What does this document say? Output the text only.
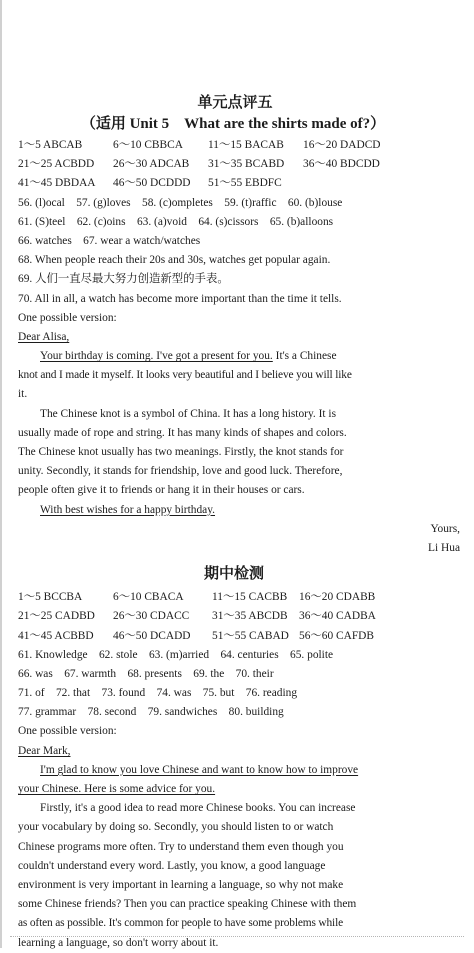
单元点评五
（适用 Unit 5　What are the shirts made of?）
1～5 ABCAB	6～10 CBBCA	11～15 BACAB	16～20 DADCD
21～25 ACBDD	26～30 ADCAB	31～35 BCABD	36～40 BDCDD
41～45 DBDAA	46～50 DCDDD	51～55 EBDFC
56. (l)ocal　57. (g)loves　58. (c)ompletes　59. (t)raffic　60. (b)louse
61. (S)teel　62. (c)oins　63. (a)void　64. (s)cissors　65. (b)alloons
66. watches　67. wear a watch/watches
68. When people reach their 20s and 30s, watches get popular again.
69. 人们一直尽最大努力创造新型的手表。
70. All in all, a watch has become more important than the time it tells.
One possible version:
Dear Alisa,
Your birthday is coming. I've got a present for you. It's a Chinese
knot and I made it myself. It looks very beautiful and I believe you will like
it.
The Chinese knot is a symbol of China. It has a long history. It is
usually made of rope and string. It has many kinds of shapes and colors.
The Chinese knot usually has two meanings. Firstly, the knot stands for
unity. Secondly, it stands for friendship, love and good luck. Therefore,
people often give it to friends or hang it in their houses or cars.
With best wishes for a happy birthday.
Yours,
Li Hua
期中检测
1～5 BCCBA	6～10 CBACA	11～15 CACBB	16～20 CDABB
21～25 CADBD	26～30 CDACC	31～35 ABCDB 36～40 CADBA
41～45 ACBBD	46～50 DCADD	51～55 CABAD 56～60 CAFDB
61. Knowledge　62. stole　63. (m)arried　64. centuries　65. polite
66. was　67. warmth　68. presents　69. the　70. their
71. of　72. that　73. found　74. was　75. but　76. reading
77. grammar　78. second　79. sandwiches　80. building
One possible version:
Dear Mark,
I'm glad to know you love Chinese and want to know how to improve
your Chinese. Here is some advice for you.
Firstly, it's a good idea to read more Chinese books. You can increase
your vocabulary by doing so. Secondly, you should listen to or watch
Chinese programs more often. Try to understand them even though you
couldn't understand every word. Lastly, you know, a good language
environment is very important in learning a language, so why not make
some Chinese friends? Then you can practice speaking Chinese with them
as often as possible. It's common for people to have some problems while
learning a language, so don't worry about it.
